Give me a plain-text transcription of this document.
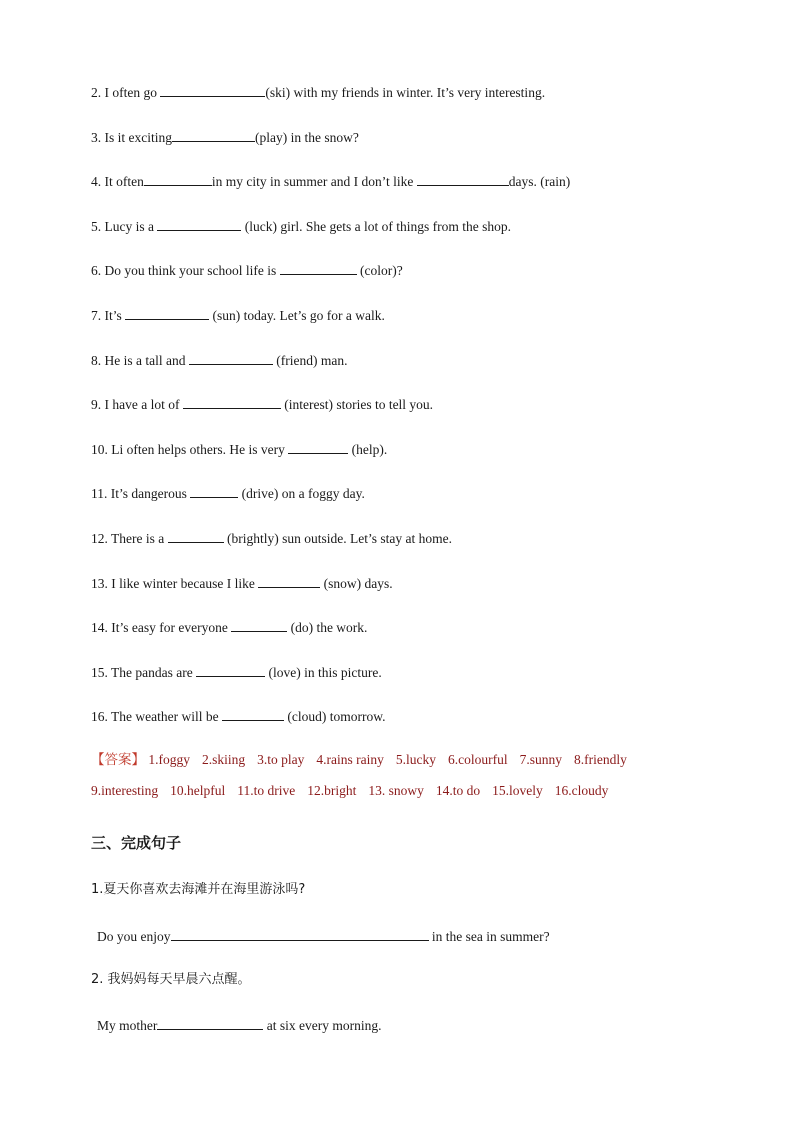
2. I often go	(ski) with my friends in winter. It’s very interesting.
3. Is it exciting	(play) in the snow?
4. It often	in my city in summer and I don’t like	days. (rain)
5. Lucy is a	(luck) girl. She gets a lot of things from the shop.
6. Do you think your school life is	(color)?
7. It’s	(sun) today. Let’s go for a walk.
8. He is a tall and	(friend) man.
9. I have a lot of	(interest) stories to tell you.
10. Li often helps others. He is very	(help).
11. It’s dangerous	(drive) on a foggy day.
12. There is a	(brightly) sun outside. Let’s stay at home.
13. I like winter because I like	(snow) days.
14. It’s easy for everyone	(do) the work.
15. The pandas are	(love) in this picture.
16. The weather will be	(cloud) tomorrow.
【答案】 1.foggy 2.skiing 3.to play 4.rains rainy 5.lucky 6.colourful 7.sunny 8.friendly
9.interesting 10.helpful 11.to drive 12.bright 13. snowy 14.to do 15.lovely 16.cloudy
三、完成句子
1.夏天你喜欢去海滩并在海里游泳吗?
Do you enjoy	in the sea in summer?
2. 我妈妈每天早晨六点醒。
My mother	at six every morning.
